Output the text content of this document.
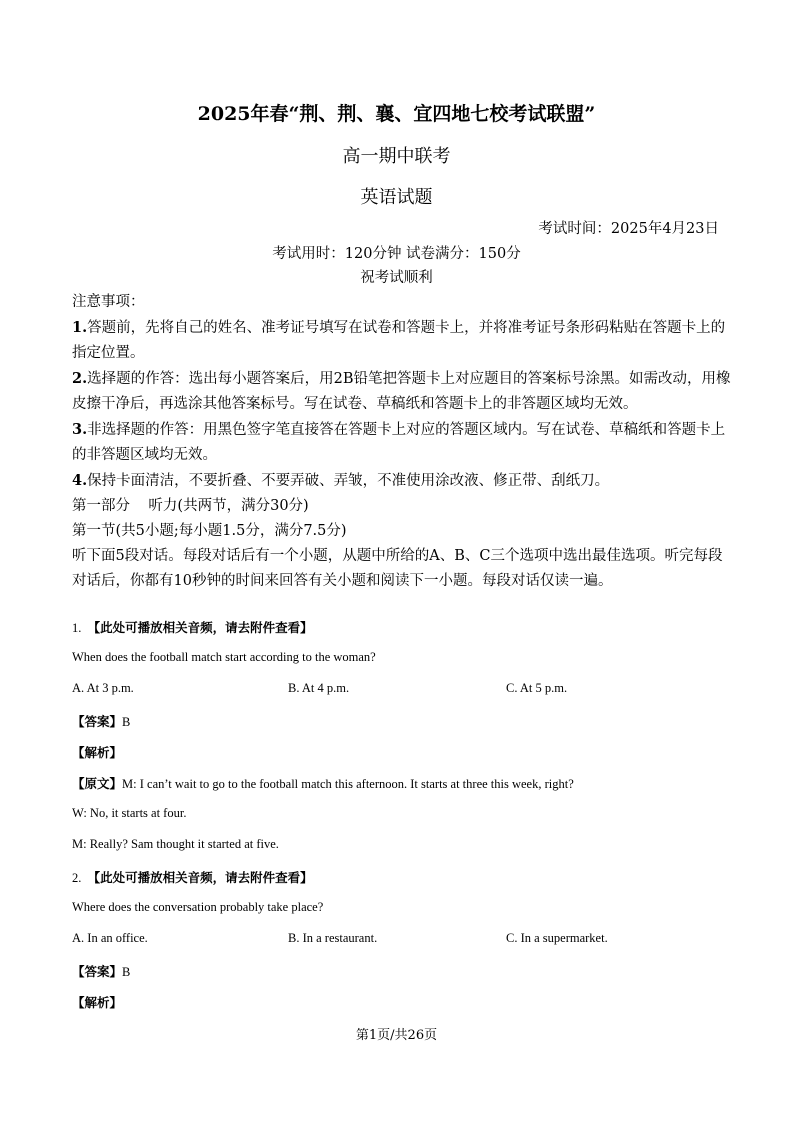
2025年春“荆、荆、襄、宜四地七校考试联盟”
高一期中联考
英语试题
考试时间：2025年4月23日
考试用时：120分钟 试卷满分：150分
祝考试顺利

注意事项：

1.答题前，先将自己的姓名、准考证号填写在试卷和答题卡上，并将准考证号条形码粘贴在答题卡上的指定位置。

2.选择题的作答：选出每小题答案后，用2B铅笔把答题卡上对应题目的答案标号涂黑。如需改动，用橡皮擦干净后，再选涂其他答案标号。写在试卷、草稿纸和答题卡上的非答题区域均无效。

3.非选择题的作答：用黑色签字笔直接答在答题卡上对应的答题区域内。写在试卷、草稿纸和答题卡上的非答题区域均无效。

4.保持卡面清洁，不要折叠、不要弄破、弄皱，不准使用涂改液、修正带、刮纸刀。

第一部分    听力(共两节，满分30分)

第一节(共5小题;每小题1.5分，满分7.5分)

听下面5段对话。每段对话后有一个小题，从题中所给的A、B、C三个选项中选出最佳选项。听完每段对话后，你都有10秒钟的时间来回答有关小题和阅读下一小题。每段对话仅读一遍。

1. 【此处可播放相关音频，请去附件查看】
When does the football match start according to the woman?
A. At 3 p.m.	B. At 4 p.m.	C. At 5 p.m.
【答案】B
【解析】
【原文】M: I can’t wait to go to the football match this afternoon. It starts at three this week, right?
W: No, it starts at four.
M: Really? Sam thought it started at five.
2. 【此处可播放相关音频，请去附件查看】
Where does the conversation probably take place?
A. In an office.	B. In a restaurant.	C. In a supermarket.
【答案】B
【解析】
第1页/共26页
